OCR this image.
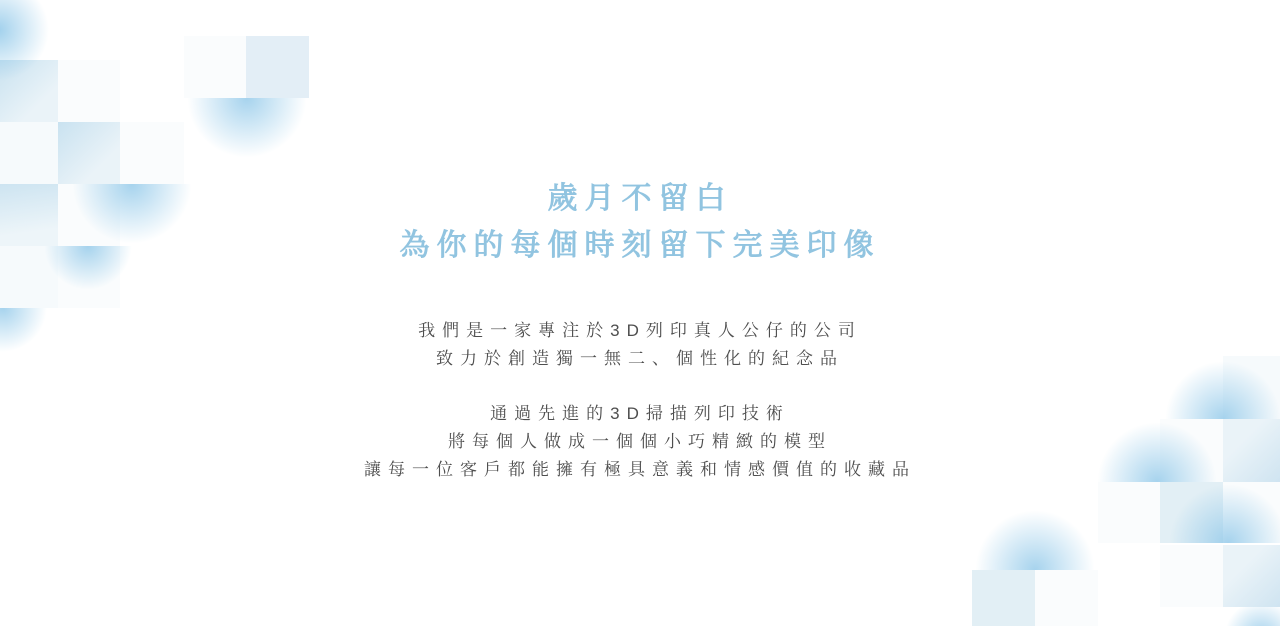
歲月不留白
為你的每個時刻留下完美印像

我們是一家專注於3D列印真人公仔的公司
致力於創造獨一無二、個性化的紀念品

通過先進的3D掃描列印技術
將每個人做成一個個小巧精緻的模型
讓每一位客戶都能擁有極具意義和情感價值的收藏品
